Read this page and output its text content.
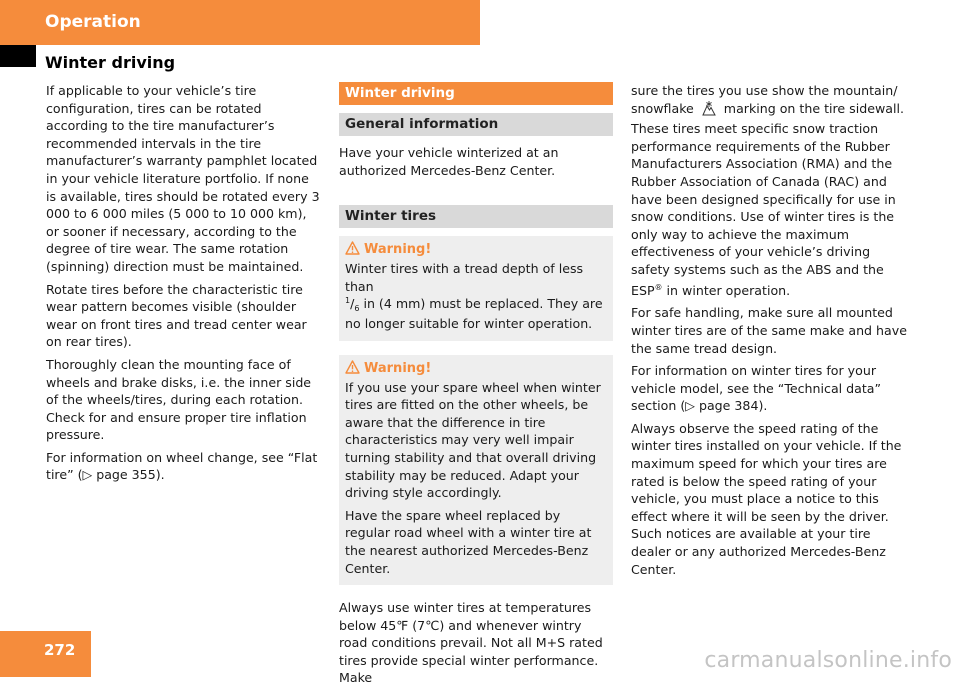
Operation
Winter driving

If applicable to your vehicle’s tire configuration, tires can be rotated according to the tire manufacturer’s recommended intervals in the tire manufacturer’s warranty pamphlet located in your vehicle literature portfolio. If none is available, tires should be rotated every 3 000 to 6 000 miles (5 000 to 10 000 km), or sooner if necessary, according to the degree of tire wear. The same rotation (spinning) direction must be maintained.

Rotate tires before the characteristic tire wear pattern becomes visible (shoulder wear on front tires and tread center wear on rear tires).

Thoroughly clean the mounting face of wheels and brake disks, i.e. the inner side of the wheels/tires, during each rotation. Check for and ensure proper tire inflation pressure.

For information on wheel change, see “Flat tire” (▷ page 355).

Winter driving
General information

Have your vehicle winterized at an authorized Mercedes-Benz Center.

Winter tires
Warning!

Winter tires with a tread depth of less than
$^1/_6$ in (4 mm) must be replaced. They are no longer suitable for winter operation.

Warning!

If you use your spare wheel when winter tires are fitted on the other wheels, be aware that the difference in tire characteristics may very well impair turning stability and that overall driving stability may be reduced. Adapt your driving style accordingly.

Have the spare wheel replaced by regular road wheel with a winter tire at the nearest authorized Mercedes-Benz Center.

Always use winter tires at temperatures below 45℉ (7℃) and whenever wintry road conditions prevail. Not all M+S rated tires provide special winter performance. Make

sure the tires you use show the mountain/ snowflake marking on the tire sidewall. These tires meet specific snow traction performance requirements of the Rubber Manufacturers Association (RMA) and the Rubber Association of Canada (RAC) and have been designed specifically for use in snow conditions. Use of winter tires is the only way to achieve the maximum effectiveness of your vehicle’s driving safety systems such as the ABS and the ESP® in winter operation.

For safe handling, make sure all mounted winter tires are of the same make and have the same tread design.

For information on winter tires for your vehicle model, see the “Technical data” section (▷ page 384).

Always observe the speed rating of the winter tires installed on your vehicle. If the maximum speed for which your tires are rated is below the speed rating of your vehicle, you must place a notice to this effect where it will be seen by the driver. Such notices are available at your tire dealer or any authorized Mercedes-Benz Center.

272	carmanualsonline.info
